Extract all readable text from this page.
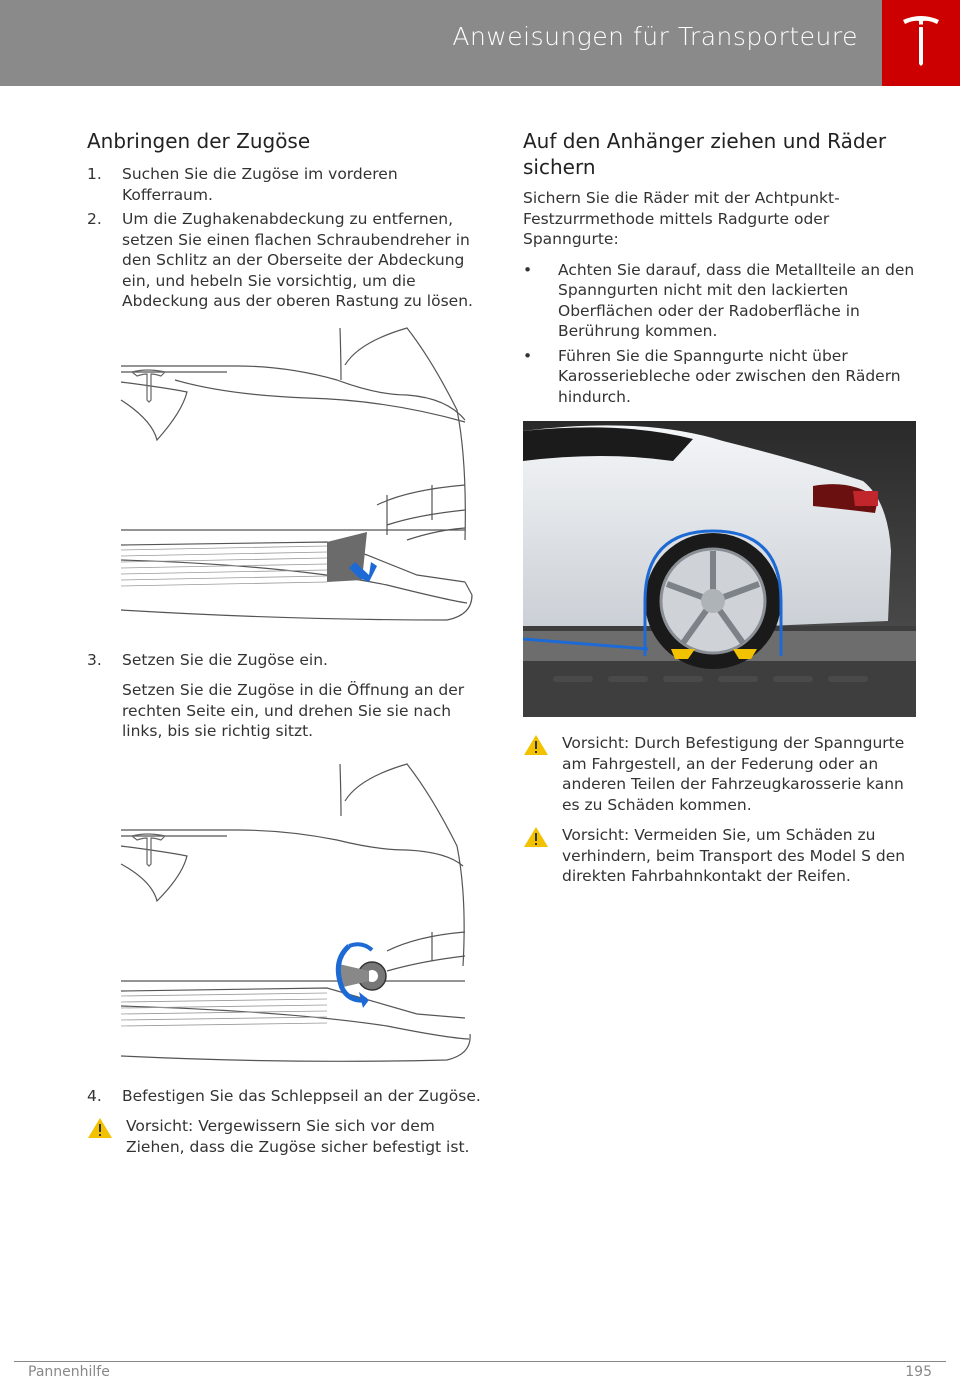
Anweisungen für Transporteure
Anbringen der Zugöse
1. Suchen Sie die Zugöse im vorderen Kofferraum.
2. Um die Zughakenabdeckung zu entfernen, setzen Sie einen flachen Schraubendreher in den Schlitz an der Oberseite der Abdeckung ein, und hebeln Sie vorsichtig, um die Abdeckung aus der oberen Rastung zu lösen.
3. Setzen Sie die Zugöse ein.
Setzen Sie die Zugöse in die Öffnung an der rechten Seite ein, und drehen Sie sie nach links, bis sie richtig sitzt.
4. Befestigen Sie das Schleppseil an der Zugöse.
Vorsicht: Vergewissern Sie sich vor dem Ziehen, dass die Zugöse sicher befestigt ist.
Auf den Anhänger ziehen und Räder sichern
Sichern Sie die Räder mit der Achtpunkt-Festzurrmethode mittels Radgurte oder Spanngurte:
• Achten Sie darauf, dass die Metallteile an den Spanngurten nicht mit den lackierten Oberflächen oder der Radoberfläche in Berührung kommen.
• Führen Sie die Spanngurte nicht über Karosseriebleche oder zwischen den Rädern hindurch.
Vorsicht: Durch Befestigung der Spanngurte am Fahrgestell, an der Federung oder an anderen Teilen der Fahrzeugkarosserie kann es zu Schäden kommen.
Vorsicht: Vermeiden Sie, um Schäden zu verhindern, beim Transport des Model S den direkten Fahrbahnkontakt der Reifen.
Pannenhilfe	195
